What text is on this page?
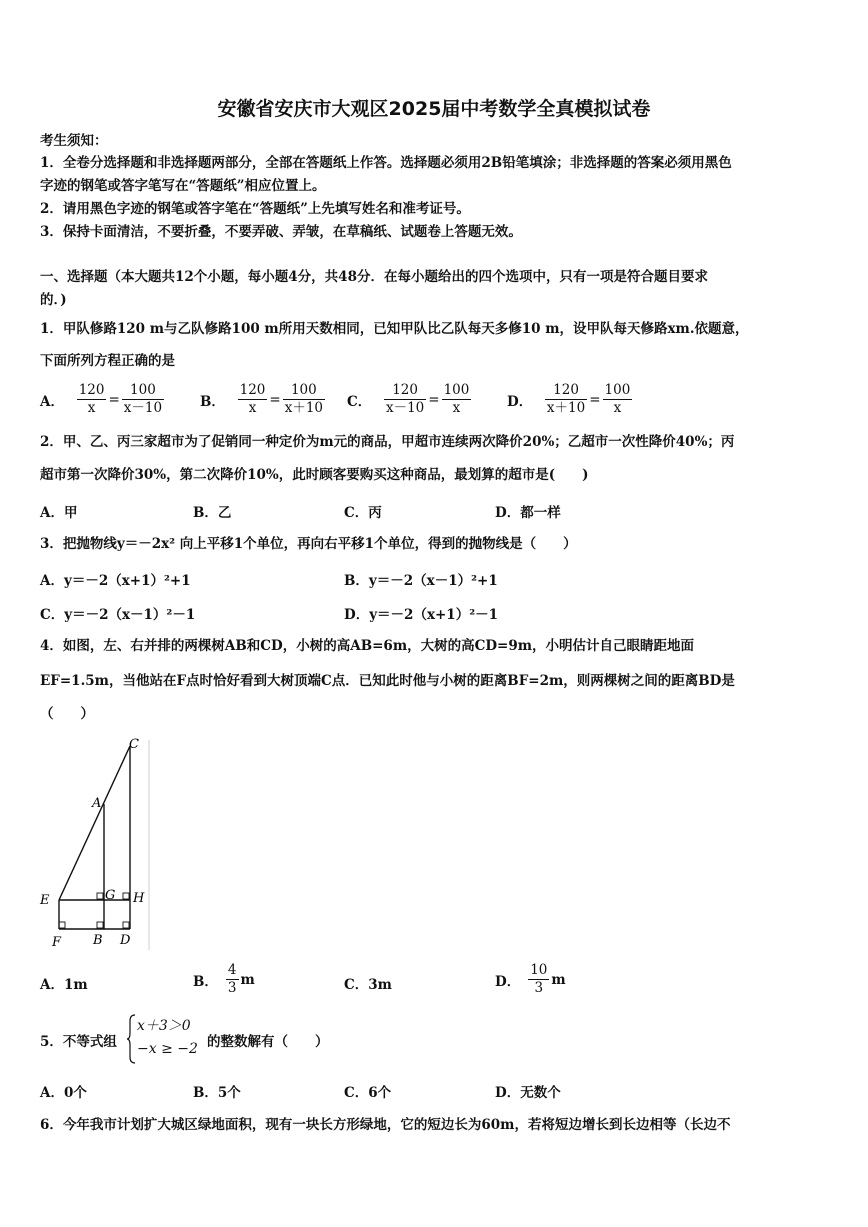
安徽省安庆市大观区2025届中考数学全真模拟试卷
考生须知：
1．全卷分选择题和非选择题两部分，全部在答题纸上作答。选择题必须用2B铅笔填涂；非选择题的答案必须用黑色
字迹的钢笔或答字笔写在“答题纸”相应位置上。
2．请用黑色字迹的钢笔或答字笔在“答题纸”上先填写姓名和准考证号。
3．保持卡面清洁，不要折叠，不要弄破、弄皱，在草稿纸、试题卷上答题无效。
一、选择题（本大题共12个小题，每小题4分，共48分．在每小题给出的四个选项中，只有一项是符合题目要求
的．)
1．甲队修路120 m与乙队修路100 m所用天数相同，已知甲队比乙队每天多修10 m，设甲队每天修路xm.依题意，
下面所列方程正确的是
A． $\frac{120}{x} = \frac{100}{x-10}$	B． $\frac{120}{x} = \frac{100}{x+10}$ C． $\frac{120}{x-10} = \frac{100}{x}$	D． $\frac{120}{x+10} = \frac{100}{x}$
2．甲、乙、丙三家超市为了促销同一种定价为m元的商品，甲超市连续两次降价20%；乙超市一次性降价40%；丙
超市第一次降价30%，第二次降价10%，此时顾客要购买这种商品，最划算的超市是(　　)
A．甲	B．乙	C．丙	D．都一样
3．把抛物线y＝－2x² 向上平移1个单位，再向右平移1个单位，得到的抛物线是（　　）
A．y＝－2（x+1）²+1	B．y＝－2（x－1）²+1
C．y＝－2（x－1）²－1	D．y＝－2（x+1）²－1
4．如图，左、右并排的两棵树AB和CD，小树的高AB=6m，大树的高CD=9m，小明估计自己眼睛距地面
EF=1.5m，当他站在F点时恰好看到大树顶端C点．已知此时他与小树的距离BF=2m，则两棵树之间的距离BD是
（　　）
C
A
E	G H
F B D
A．1m	B． $\frac{4}{3}$ m	C．3m	D． $\frac{10}{3}$ m
5．不等式组
x＋3＞0
−x ≥ −2 的整数解有（　　）
A．0个	B．5个	C．6个	D．无数个
6．今年我市计划扩大城区绿地面积，现有一块长方形绿地，它的短边长为60m，若将短边增长到长边相等（长边不
